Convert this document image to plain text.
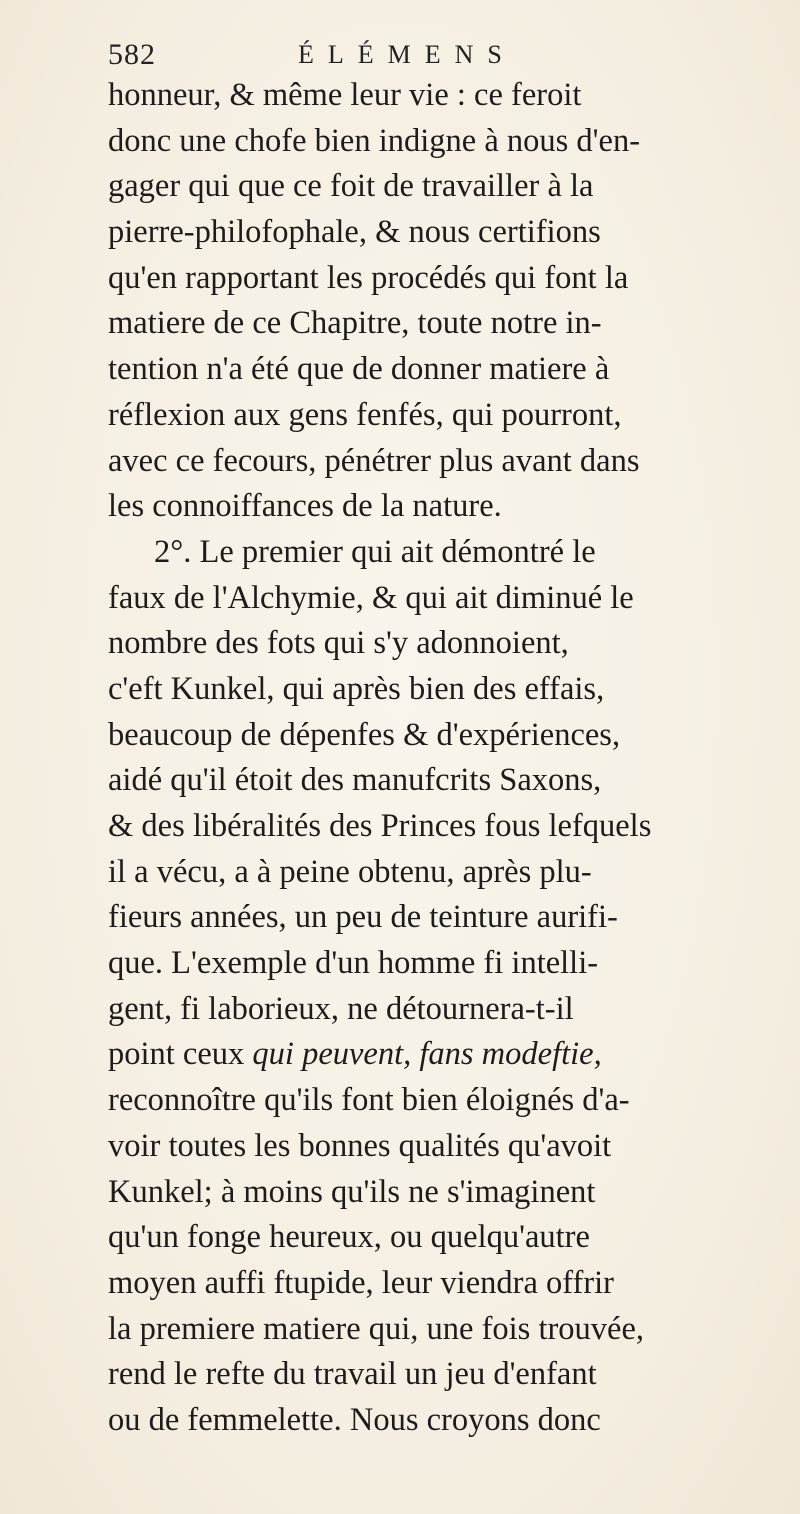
582	ÉLÉMENS
honneur, & même leur vie : ce feroit
donc une chofe bien indigne à nous d'en-
gager qui que ce foit de travailler à la
pierre-philofophale, & nous certifions
qu'en rapportant les procédés qui font la
matiere de ce Chapitre, toute notre in-
tention n'a été que de donner matiere à
réflexion aux gens fenfés, qui pourront,
avec ce fecours, pénétrer plus avant dans
les connoiffances de la nature.
2°. Le premier qui ait démontré le
faux de l'Alchymie, & qui ait diminué le
nombre des fots qui s'y adonnoient,
c'eft Kunkel, qui après bien des effais,
beaucoup de dépenfes & d'expériences,
aidé qu'il étoit des manufcrits Saxons,
& des libéralités des Princes fous lefquels
il a vécu, a à peine obtenu, après plu-
fieurs années, un peu de teinture aurifi-
que. L'exemple d'un homme fi intelli-
gent, fi laborieux, ne détournera-t-il
point ceux qui peuvent, fans modeftie,
reconnoître qu'ils font bien éloignés d'a-
voir toutes les bonnes qualités qu'avoit
Kunkel; à moins qu'ils ne s'imaginent
qu'un fonge heureux, ou quelqu'autre
moyen auffi ftupide, leur viendra offrir
la premiere matiere qui, une fois trouvée,
rend le refte du travail un jeu d'enfant
ou de femmelette. Nous croyons donc
